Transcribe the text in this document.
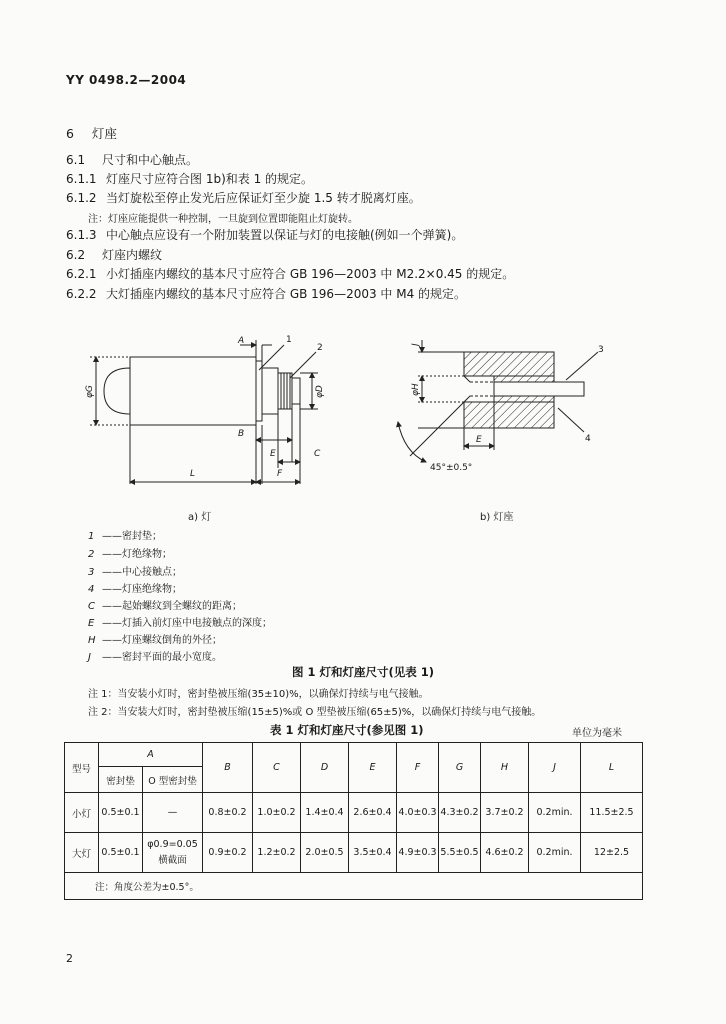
YY 0498.2—2004
6 灯座
6.1 尺寸和中心触点。
6.1.1 灯座尺寸应符合图 1b)和表 1 的规定。
6.1.2 当灯旋松至停止发光后应保证灯至少旋 1.5 转才脱离灯座。
注：灯座应能提供一种控制，一旦旋到位置即能阻止灯旋转。
6.1.3 中心触点应设有一个附加装置以保证与灯的电接触(例如一个弹簧)。
6.2 灯座内螺纹
6.2.1 小灯插座内螺纹的基本尺寸应符合 GB 196—2003 中 M2.2×0.45 的规定。
6.2.2 大灯插座内螺纹的基本尺寸应符合 GB 196—2003 中 M4 的规定。
A	1
2
φG	φD
B
C
E
L	F
J
3
4
φH
E
45°±0.5°
a) 灯	b) 灯座
1 ——密封垫；
2 ——灯绝缘物；
3 ——中心接触点；
4 ——灯座绝缘物；
C ——起始螺纹到全螺纹的距离；
E ——灯插入前灯座中电接触点的深度；
H ——灯座螺纹倒角的外径；
J ——密封平面的最小宽度。
图 1 灯和灯座尺寸(见表 1)
注 1：当安装小灯时，密封垫被压缩(35±10)%，以确保灯持续与电气接触。
注 2：当安装大灯时，密封垫被压缩(15±5)%或 O 型垫被压缩(65±5)%，以确保灯持续与电气接触。
表 1 灯和灯座尺寸(参见图 1)	单位为毫米
型号	A		B	C	D	E	F	G	H	J	L
	密封垫	O 型密封垫									
小灯	0.5±0.1	—	0.8±0.2	1.0±0.2	1.4±0.4	2.6±0.4	4.0±0.3	4.3±0.2	3.7±0.2	0.2min.	11.5±2.5
大灯	0.5±0.1	φ0.9=0.05
横截面	0.9±0.2	1.2±0.2	2.0±0.5	3.5±0.4	4.9±0.3	5.5±0.5	4.6±0.2	0.2min.	12±2.5
注：角度公差为±0.5°。											
2
